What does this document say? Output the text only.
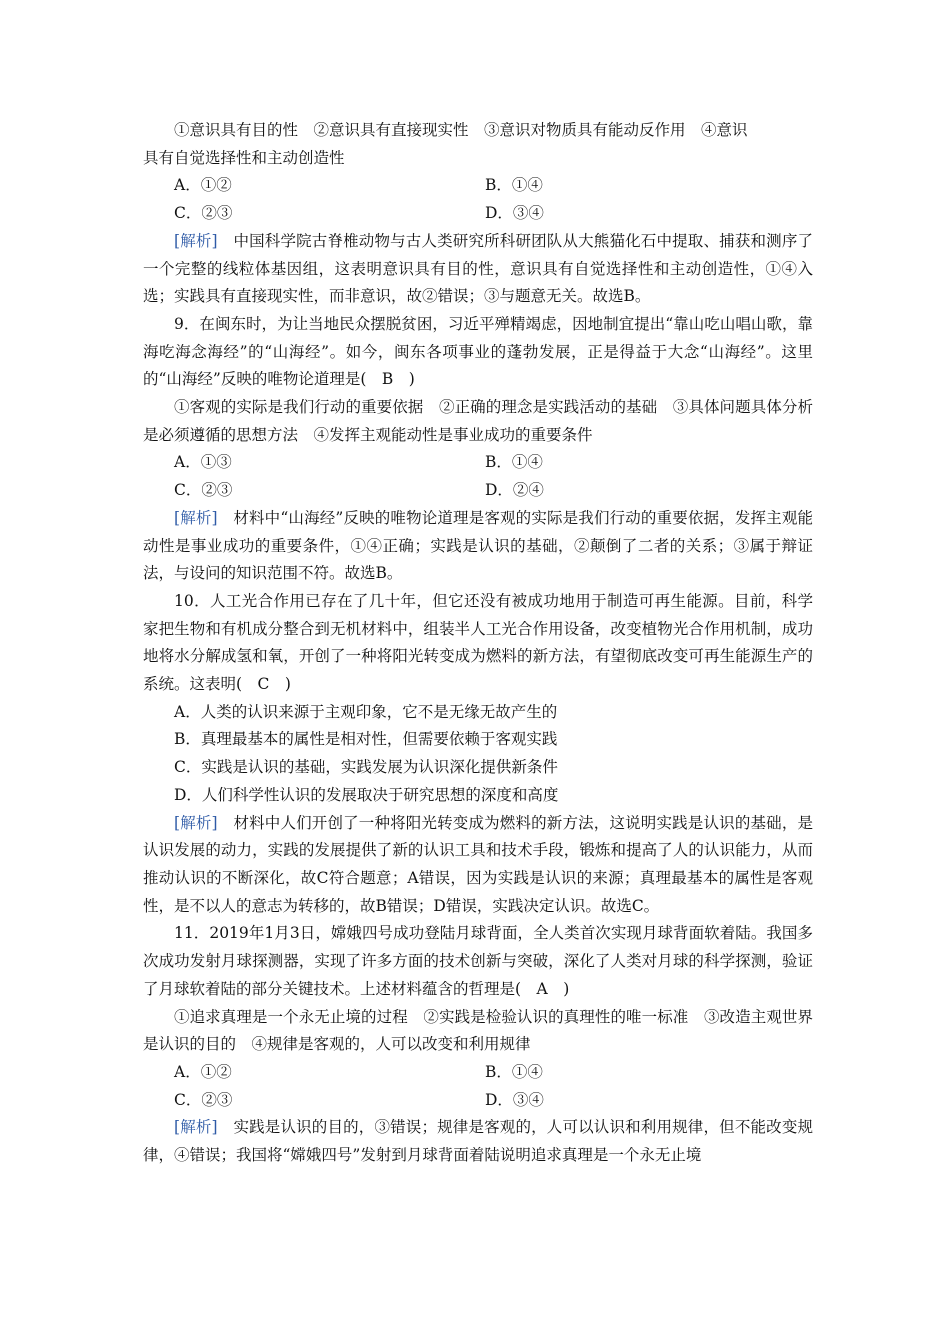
①意识具有目的性　②意识具有直接现实性　③意识对物质具有能动反作用　④意识

具有自觉选择性和主动创造性

A．①②	B．①④
C．②③	D．③④

[解析]　中国科学院古脊椎动物与古人类研究所科研团队从大熊猫化石中提取、捕获和测序了一个完整的线粒体基因组，这表明意识具有目的性，意识具有自觉选择性和主动创造性，①④入选；实践具有直接现实性，而非意识，故②错误；③与题意无关。故选B。

9．在闽东时，为让当地民众摆脱贫困，习近平殚精竭虑，因地制宜提出“靠山吃山唱山歌，靠海吃海念海经”的“山海经”。如今，闽东各项事业的蓬勃发展，正是得益于大念“山海经”。这里的“山海经”反映的唯物论道理是(　B　)

①客观的实际是我们行动的重要依据　②正确的理念是实践活动的基础　③具体问题具体分析是必须遵循的思想方法　④发挥主观能动性是事业成功的重要条件

A．①③	B．①④
C．②③	D．②④

[解析]　材料中“山海经”反映的唯物论道理是客观的实际是我们行动的重要依据，发挥主观能动性是事业成功的重要条件，①④正确；实践是认识的基础，②颠倒了二者的关系；③属于辩证法，与设问的知识范围不符。故选B。

10．人工光合作用已存在了几十年，但它还没有被成功地用于制造可再生能源。目前，科学家把生物和有机成分整合到无机材料中，组装半人工光合作用设备，改变植物光合作用机制，成功地将水分解成氢和氧，开创了一种将阳光转变成为燃料的新方法，有望彻底改变可再生能源生产的系统。这表明(　C　)

A．人类的认识来源于主观印象，它不是无缘无故产生的

B．真理最基本的属性是相对性，但需要依赖于客观实践

C．实践是认识的基础，实践发展为认识深化提供新条件

D．人们科学性认识的发展取决于研究思想的深度和高度

[解析]　材料中人们开创了一种将阳光转变成为燃料的新方法，这说明实践是认识的基础，是认识发展的动力，实践的发展提供了新的认识工具和技术手段，锻炼和提高了人的认识能力，从而推动认识的不断深化，故C符合题意；A错误，因为实践是认识的来源；真理最基本的属性是客观性，是不以人的意志为转移的，故B错误；D错误，实践决定认识。故选C。

11．2019年1月3日，嫦娥四号成功登陆月球背面，全人类首次实现月球背面软着陆。我国多次成功发射月球探测器，实现了许多方面的技术创新与突破，深化了人类对月球的科学探测，验证了月球软着陆的部分关键技术。上述材料蕴含的哲理是(　A　)

①追求真理是一个永无止境的过程　②实践是检验认识的真理性的唯一标准　③改造主观世界是认识的目的　④规律是客观的，人可以改变和利用规律

A．①②	B．①④
C．②③	D．③④

[解析]　实践是认识的目的，③错误；规律是客观的，人可以认识和利用规律，但不能改变规律，④错误；我国将“嫦娥四号”发射到月球背面着陆说明追求真理是一个永无止境
